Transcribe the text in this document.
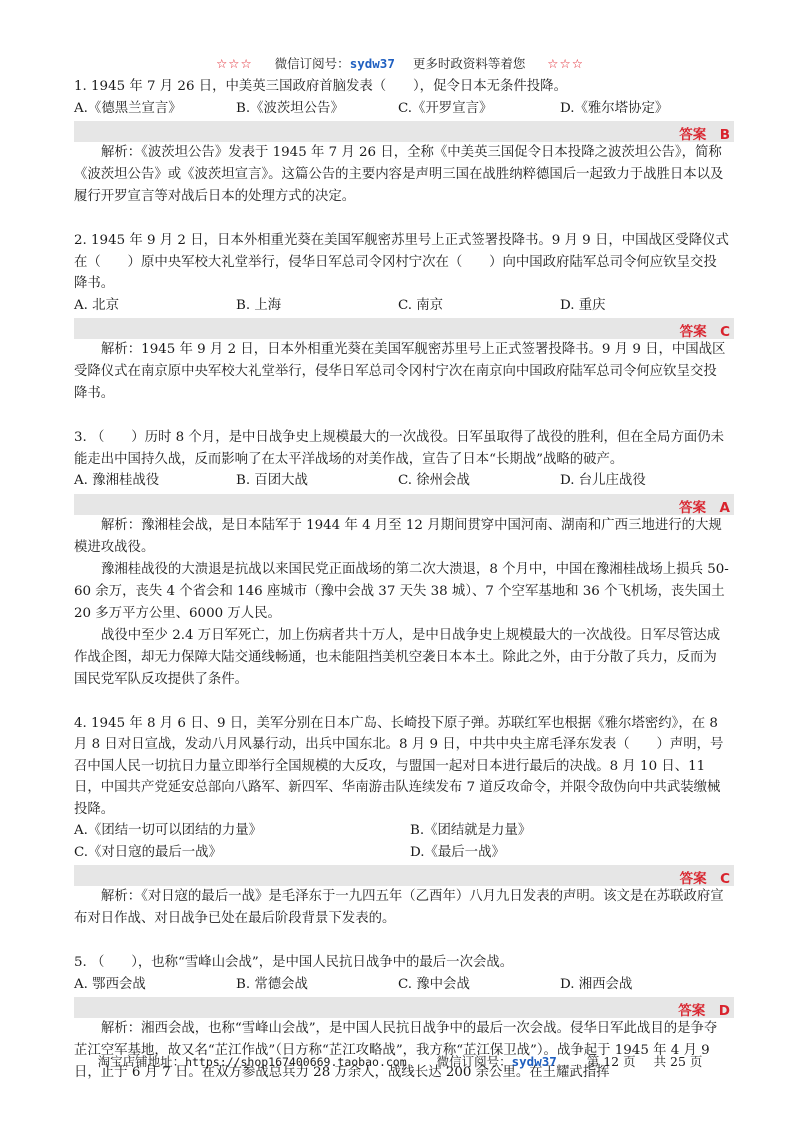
☆☆☆ 微信订阅号：sydw37 更多时政资料等着您 ☆☆☆

1. 1945 年 7 月 26 日，中美英三国政府首脑发表（　　），促令日本无条件投降。

A.《德黑兰宣言》	B.《波茨坦公告》	C.《开罗宣言》	D.《雅尔塔协定》
答案　B

解析：《波茨坦公告》发表于 1945 年 7 月 26 日，全称《中美英三国促令日本投降之波茨坦公告》，简称《波茨坦公告》或《波茨坦宣言》。这篇公告的主要内容是声明三国在战胜纳粹德国后一起致力于战胜日本以及履行开罗宣言等对战后日本的处理方式的决定。

2. 1945 年 9 月 2 日，日本外相重光葵在美国军舰密苏里号上正式签署投降书。9 月 9 日，中国战区受降仪式在（　　）原中央军校大礼堂举行，侵华日军总司令冈村宁次在（　　）向中国政府陆军总司令何应钦呈交投降书。

A. 北京	B. 上海	C. 南京	D. 重庆
答案　C

解析：1945 年 9 月 2 日，日本外相重光葵在美国军舰密苏里号上正式签署投降书。9 月 9 日，中国战区受降仪式在南京原中央军校大礼堂举行，侵华日军总司令冈村宁次在南京向中国政府陆军总司令何应钦呈交投降书。

3. （　　）历时 8 个月，是中日战争史上规模最大的一次战役。日军虽取得了战役的胜利，但在全局方面仍未能走出中国持久战，反而影响了在太平洋战场的对美作战，宣告了日本“长期战”战略的破产。

A. 豫湘桂战役	B. 百团大战	C. 徐州会战	D. 台儿庄战役
答案　A

解析：豫湘桂会战，是日本陆军于 1944 年 4 月至 12 月期间贯穿中国河南、湖南和广西三地进行的大规模进攻战役。

豫湘桂战役的大溃退是抗战以来国民党正面战场的第二次大溃退，8 个月中，中国在豫湘桂战场上损兵 50-60 余万，丧失 4 个省会和 146 座城市（豫中会战 37 天失 38 城）、7 个空军基地和 36 个飞机场，丧失国土 20 多万平方公里、6000 万人民。

战役中至少 2.4 万日军死亡，加上伤病者共十万人，是中日战争史上规模最大的一次战役。日军尽管达成作战企图，却无力保障大陆交通线畅通，也未能阻挡美机空袭日本本土。除此之外，由于分散了兵力，反而为国民党军队反攻提供了条件。

4. 1945 年 8 月 6 日、9 日，美军分别在日本广岛、长崎投下原子弹。苏联红军也根据《雅尔塔密约》，在 8 月 8 日对日宣战，发动八月风暴行动，出兵中国东北。8 月 9 日，中共中央主席毛泽东发表（　　）声明，号召中国人民一切抗日力量立即举行全国规模的大反攻，与盟国一起对日本进行最后的决战。8 月 10 日、11 日，中国共产党延安总部向八路军、新四军、华南游击队连续发布 7 道反攻命令，并限令敌伪向中共武装缴械投降。

A.《团结一切可以团结的力量》	B.《团结就是力量》
C.《对日寇的最后一战》	D.《最后一战》
答案　C

解析：《对日寇的最后一战》是毛泽东于一九四五年（乙酉年）八月九日发表的声明。该文是在苏联政府宣布对日作战、对日战争已处在最后阶段背景下发表的。

5. （　　），也称“雪峰山会战”，是中国人民抗日战争中的最后一次会战。

A. 鄂西会战	B. 常德会战	C. 豫中会战	D. 湘西会战
答案　D

解析：湘西会战，也称“雪峰山会战”，是中国人民抗日战争中的最后一次会战。侵华日军此战目的是争夺芷江空军基地，故又名“芷江作战”（日方称“芷江攻略战”，我方称“芷江保卫战”）。战争起于 1945 年 4 月 9 日，止于 6 月 7 日。在双方参战总兵力 28 万余人，战线长达 200 余公里。在王耀武指挥

淘宝店铺地址：https://shop167400669.taobao.com 微信订阅号：sydw37 第 12 页 共 25 页
